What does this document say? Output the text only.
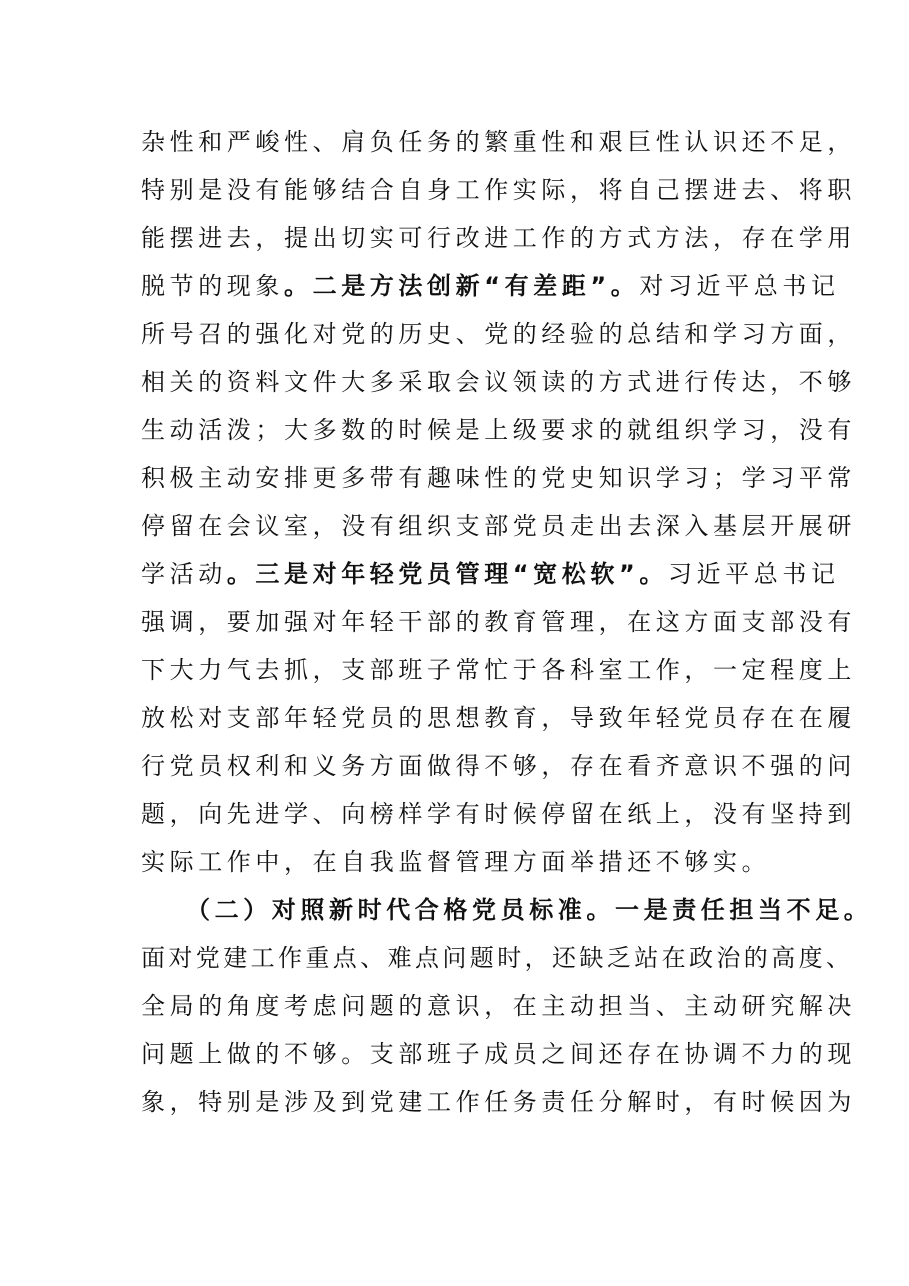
杂性和严峻性、肩负任务的繁重性和艰巨性认识还不足，
特别是没有能够结合自身工作实际，将自己摆进去、将职
能摆进去，提出切实可行改进工作的方式方法，存在学用
脱节的现象。二是方法创新“有差距”。对习近平总书记
所号召的强化对党的历史、党的经验的总结和学习方面，
相关的资料文件大多采取会议领读的方式进行传达，不够
生动活泼；大多数的时候是上级要求的就组织学习，没有
积极主动安排更多带有趣味性的党史知识学习；学习平常
停留在会议室，没有组织支部党员走出去深入基层开展研
学活动。三是对年轻党员管理“宽松软”。习近平总书记
强调，要加强对年轻干部的教育管理，在这方面支部没有
下大力气去抓，支部班子常忙于各科室工作，一定程度上
放松对支部年轻党员的思想教育，导致年轻党员存在在履
行党员权利和义务方面做得不够，存在看齐意识不强的问
题，向先进学、向榜样学有时候停留在纸上，没有坚持到
实际工作中，在自我监督管理方面举措还不够实。
（二）对照新时代合格党员标准。一是责任担当不足。
面对党建工作重点、难点问题时，还缺乏站在政治的高度、
全局的角度考虑问题的意识，在主动担当、主动研究解决
问题上做的不够。支部班子成员之间还存在协调不力的现
象，特别是涉及到党建工作任务责任分解时，有时候因为
